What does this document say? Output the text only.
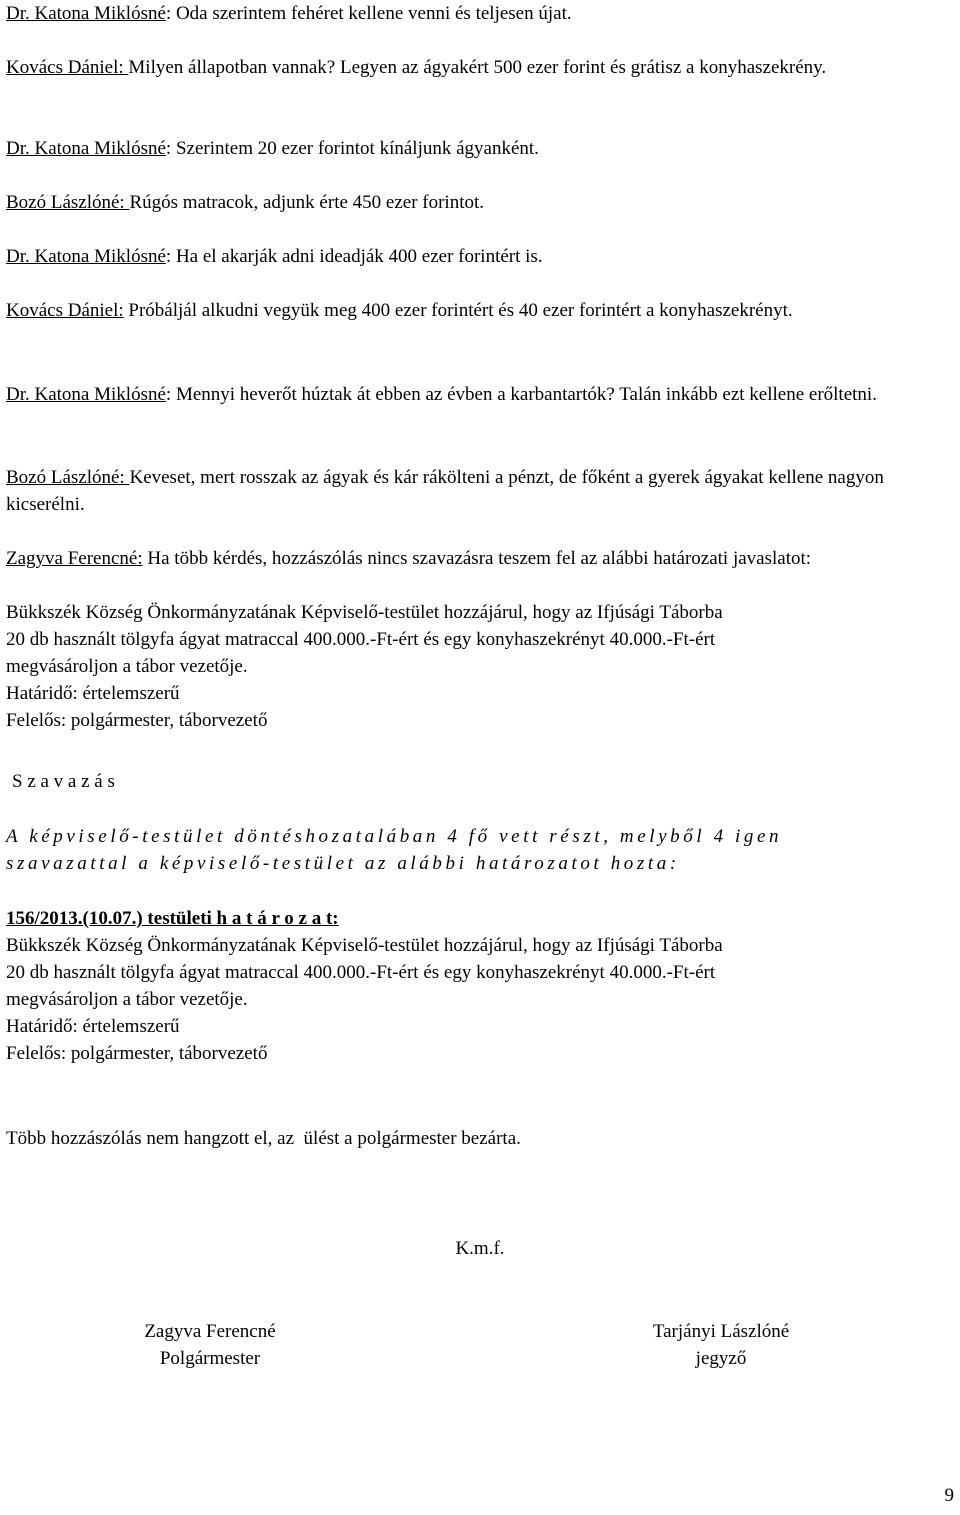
Dr. Katona Miklósné: Oda szerintem fehéret kellene venni és teljesen újat.
Kovács Dániel: Milyen állapotban vannak? Legyen az ágyakért 500 ezer forint és grátisz a konyhaszekrény.
Dr. Katona Miklósné: Szerintem 20 ezer forintot kínáljunk ágyanként.
Bozó Lászlóné: Rúgós matracok, adjunk érte 450 ezer forintot.
Dr. Katona Miklósné: Ha el akarják adni ideadják 400 ezer forintért is.
Kovács Dániel: Próbáljál alkudni vegyük meg 400 ezer forintért és 40 ezer forintért a konyhaszekrényt.
Dr. Katona Miklósné: Mennyi heverőt húztak át ebben az évben a karbantartók? Talán inkább ezt kellene erőltetni.
Bozó Lászlóné: Keveset, mert rosszak az ágyak és kár rákölteni a pénzt, de főként a gyerek ágyakat kellene nagyon kicserélni.
Zagyva Ferencné: Ha több kérdés, hozzászólás nincs szavazásra teszem fel az alábbi határozati javaslatot:
Bükkszék Község Önkormányzatának Képviselő-testület hozzájárul, hogy az Ifjúsági Táborba
20 db használt tölgyfa ágyat matraccal 400.000.-Ft-ért és egy konyhaszekrényt 40.000.-Ft-ért
megvásároljon a tábor vezetője.
Határidő: értelemszerű
Felelős: polgármester, táborvezető
S z a v a z á s
A képviselő-testület döntéshozatalában 4 fő vett részt, melyből 4 igen
szavazattal a képviselő-testület az alábbi határozatot hozta:
156/2013.(10.07.) testületi h a t á r o z a t:
Bükkszék Község Önkormányzatának Képviselő-testület hozzájárul, hogy az Ifjúsági Táborba
20 db használt tölgyfa ágyat matraccal 400.000.-Ft-ért és egy konyhaszekrényt 40.000.-Ft-ért
megvásároljon a tábor vezetője.
Határidő: értelemszerű
Felelős: polgármester, táborvezető
Több hozzászólás nem hangzott el, az  ülést a polgármester bezárta.
K.m.f.
Zagyva Ferencné
Polgármester
Tarjányi Lászlóné
jegyző
9
